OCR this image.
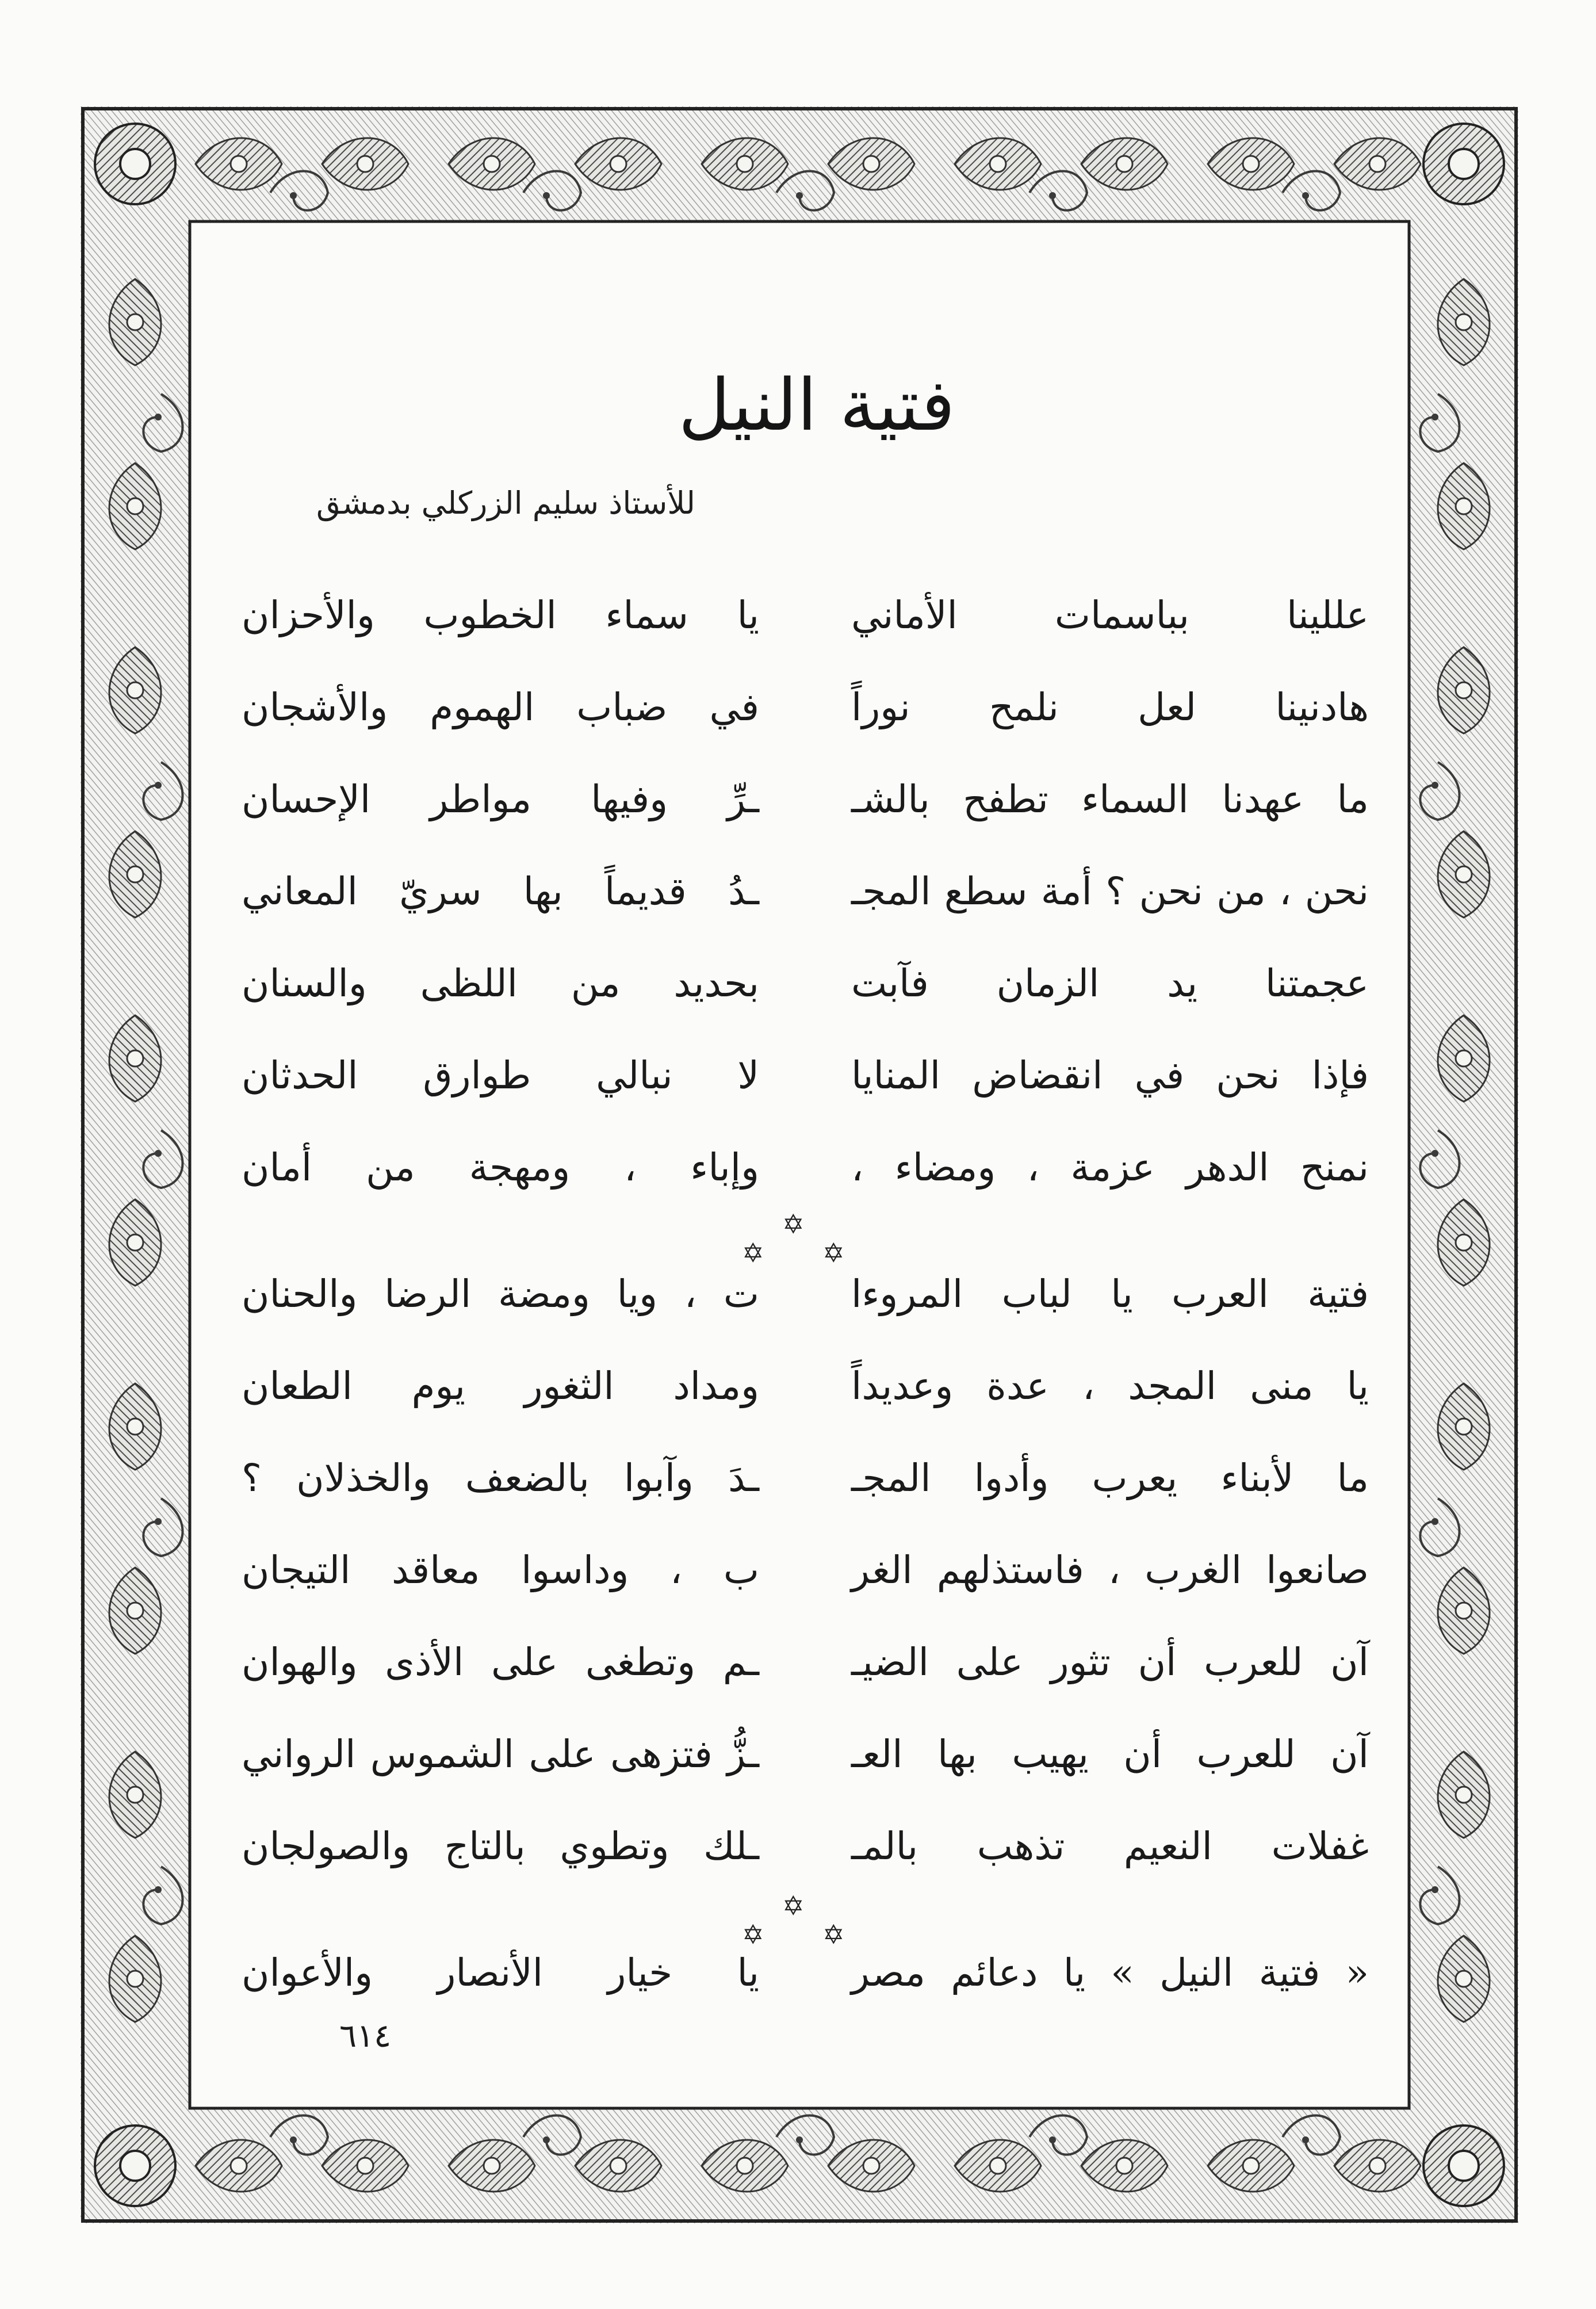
فتية النيل
للأستاذ سليم الزركلي بدمشق
عللينا بباسمات الأماني
يا سماء الخطوب والأحزان
هادنينا لعل نلمح نوراً
في ضباب الهموم والأشجان
ما عهدنا السماء تطفح بالشـ
ـرِّ وفيها مواطر الإحسان
نحن ، من نحن ؟ أمة سطع المجـ
ـدُ قديماً بها سريّ المعاني
عجمتنا يد الزمان فآبت
بحديد من اللظى والسنان
فإذا نحن في انقضاض المنايا
لا نبالي طوارق الحدثان
نمنح الدهر عزمة ، ومضاء ،
وإباء ، ومهجة من أمان
✡
✡
✡
فتية العرب يا لباب المروءا
ت ، ويا ومضة الرضا والحنان
يا منى المجد ، عدة وعديداً
ومداد الثغور يوم الطعان
ما لأبناء يعرب وأدوا المجـ
ـدَ وآبوا بالضعف والخذلان ؟
صانعوا الغرب ، فاستذلهم الغر
ب ، وداسوا معاقد التيجان
آن للعرب أن تثور على الضيـ
ـم وتطغى على الأذى والهوان
آن للعرب أن يهيب بها العـ
ـزُّ فتزهى على الشموس الرواني
غفلات النعيم تذهب بالمـ
ـلك وتطوي بالتاج والصولجان
✡
✡
✡
« فتية النيل » يا دعائم مصر
يا خيار الأنصار والأعوان
٦١٤
